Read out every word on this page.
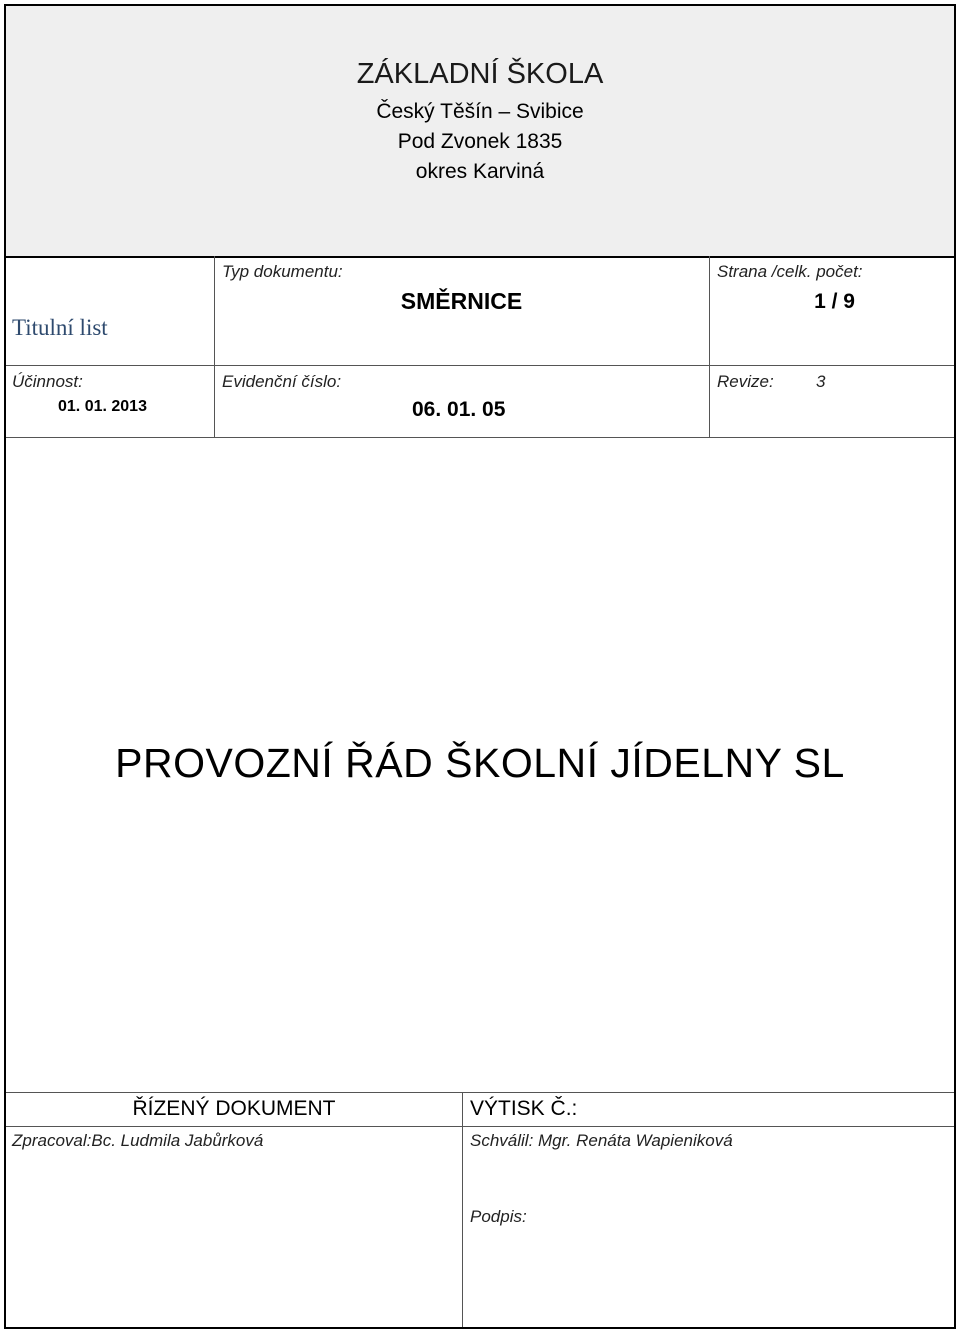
ZÁKLADNÍ ŠKOLA
Český Těšín – Svibice
Pod Zvonek 1835
okres Karviná
Titulní list
Typ dokumentu:
SMĚRNICE
Strana /celk. počet:
1 / 9
Účinnost:
01. 01. 2013
Evidenční číslo:
06. 01. 05
Revize: 3
PROVOZNÍ ŘÁD ŠKOLNÍ JÍDELNY SL
ŘÍZENÝ DOKUMENT	VÝTISK Č.:
Zpracoval:Bc. Ludmila Jabůrková	Schválil: Mgr. Renáta Wapieniková
Podpis:
